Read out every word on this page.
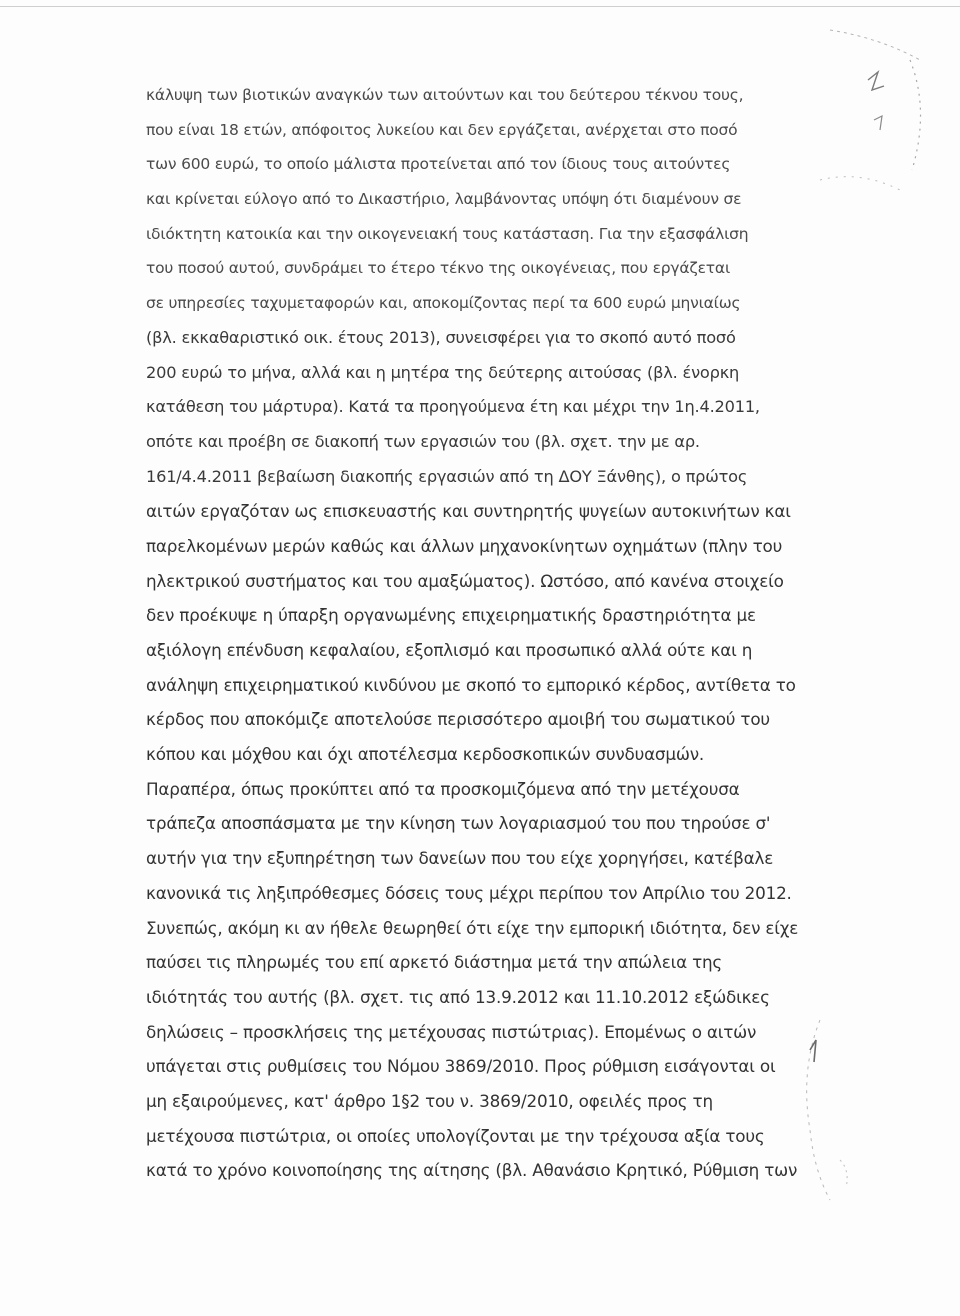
κάλυψη των βιοτικών αναγκών των αιτούντων και του δεύτερου τέκνου τους,
που είναι 18 ετών, απόφοιτος λυκείου και δεν εργάζεται, ανέρχεται στο ποσό
των 600 ευρώ, το οποίο μάλιστα προτείνεται από τον ίδιους τους αιτούντες
και κρίνεται εύλογο από το Δικαστήριο, λαμβάνοντας υπόψη ότι διαμένουν σε
ιδιόκτητη κατοικία και την οικογενειακή τους κατάσταση. Για την εξασφάλιση
του ποσού αυτού, συνδράμει το έτερο τέκνο της οικογένειας, που εργάζεται
σε υπηρεσίες ταχυμεταφορών και, αποκομίζοντας περί τα 600 ευρώ μηνιαίως
(βλ. εκκαθαριστικό οικ. έτους 2013), συνεισφέρει για το σκοπό αυτό ποσό
200 ευρώ το μήνα, αλλά και η μητέρα της δεύτερης αιτούσας (βλ. ένορκη
κατάθεση του μάρτυρα). Κατά τα προηγούμενα έτη και μέχρι την 1η.4.2011,
οπότε και προέβη σε διακοπή των εργασιών του (βλ. σχετ. την με αρ.
161/4.4.2011 βεβαίωση διακοπής εργασιών από τη ΔΟΥ Ξάνθης), ο πρώτος
αιτών εργαζόταν ως επισκευαστής και συντηρητής ψυγείων αυτοκινήτων και
παρελκομένων μερών καθώς και άλλων μηχανοκίνητων οχημάτων (πλην του
ηλεκτρικού συστήματος και του αμαξώματος). Ωστόσο, από κανένα στοιχείο
δεν προέκυψε η ύπαρξη οργανωμένης επιχειρηματικής δραστηριότητα με
αξιόλογη επένδυση κεφαλαίου, εξοπλισμό και προσωπικό αλλά ούτε και η
ανάληψη επιχειρηματικού κινδύνου με σκοπό το εμπορικό κέρδος, αντίθετα το
κέρδος που αποκόμιζε αποτελούσε περισσότερο αμοιβή του σωματικού του
κόπου και μόχθου και όχι αποτέλεσμα κερδοσκοπικών συνδυασμών.
Παραπέρα, όπως προκύπτει από τα προσκομιζόμενα από την μετέχουσα
τράπεζα αποσπάσματα με την κίνηση των λογαριασμού του που τηρούσε σ'
αυτήν για την εξυπηρέτηση των δανείων που του είχε χορηγήσει, κατέβαλε
κανονικά τις ληξιπρόθεσμες δόσεις τους μέχρι περίπου τον Απρίλιο του 2012.
Συνεπώς, ακόμη κι αν ήθελε θεωρηθεί ότι είχε την εμπορική ιδιότητα, δεν είχε
παύσει τις πληρωμές του επί αρκετό διάστημα μετά την απώλεια της
ιδιότητάς του αυτής (βλ. σχετ. τις από 13.9.2012 και 11.10.2012 εξώδικες
δηλώσεις – προσκλήσεις της μετέχουσας πιστώτριας). Επομένως ο αιτών
υπάγεται στις ρυθμίσεις του Νόμου 3869/2010. Προς ρύθμιση εισάγονται οι
μη εξαιρούμενες, κατ' άρθρο 1§2 του ν. 3869/2010, οφειλές προς τη
μετέχουσα πιστώτρια, οι οποίες υπολογίζονται με την τρέχουσα αξία τους
κατά το χρόνο κοινοποίησης της αίτησης (βλ. Αθανάσιο Κρητικό, Ρύθμιση των
